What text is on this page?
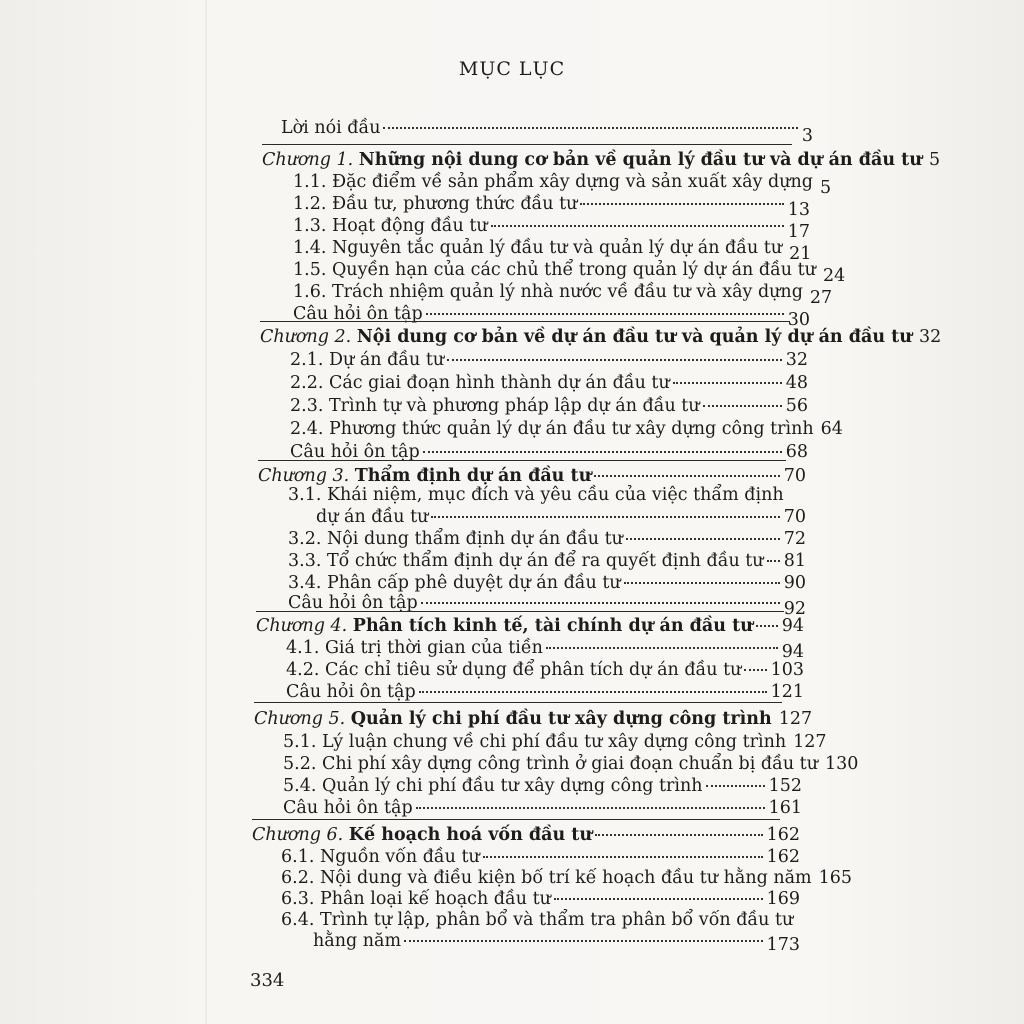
MỤC LỤC
Lời nói đầu	3
Chương 1. Những nội dung cơ bản về quản lý đầu tư và dự án đầu tư 5
1.1. Đặc điểm về sản phẩm xây dựng và sản xuất xây dựng 5
1.2. Đầu tư, phương thức đầu tư	13
1.3. Hoạt động đầu tư	17
1.4. Nguyên tắc quản lý đầu tư và quản lý dự án đầu tư 21
1.5. Quyền hạn của các chủ thể trong quản lý dự án đầu tư 24
1.6. Trách nhiệm quản lý nhà nước về đầu tư và xây dựng 27
Câu hỏi ôn tập	30
Chương 2. Nội dung cơ bản về dự án đầu tư và quản lý dự án đầu tư 32
2.1. Dự án đầu tư	32
2.2. Các giai đoạn hình thành dự án đầu tư	48
2.3. Trình tự và phương pháp lập dự án đầu tư	56
2.4. Phương thức quản lý dự án đầu tư xây dựng công trình 64
Câu hỏi ôn tập	68
Chương 3. Thẩm định dự án đầu tư	70
3.1. Khái niệm, mục đích và yêu cầu của việc thẩm định
dự án đầu tư	70
3.2. Nội dung thẩm định dự án đầu tư	72
3.3. Tổ chức thẩm định dự án để ra quyết định đầu tư 81
3.4. Phân cấp phê duyệt dự án đầu tư	90
Câu hỏi ôn tập	92
Chương 4. Phân tích kinh tế, tài chính dự án đầu tư 94
4.1. Giá trị thời gian của tiền	94
4.2. Các chỉ tiêu sử dụng để phân tích dự án đầu tư 103
Câu hỏi ôn tập	121
Chương 5. Quản lý chi phí đầu tư xây dựng công trình 127
5.1. Lý luận chung về chi phí đầu tư xây dựng công trình 127
5.2. Chi phí xây dựng công trình ở giai đoạn chuẩn bị đầu tư 130
5.4. Quản lý chi phí đầu tư xây dựng công trình	152
Câu hỏi ôn tập	161
Chương 6. Kế hoạch hoá vốn đầu tư	162
6.1. Nguồn vốn đầu tư	162
6.2. Nội dung và điều kiện bố trí kế hoạch đầu tư hằng năm 165
6.3. Phân loại kế hoạch đầu tư	169
6.4. Trình tự lập, phân bổ và thẩm tra phân bổ vốn đầu tư
hằng năm	173
334
